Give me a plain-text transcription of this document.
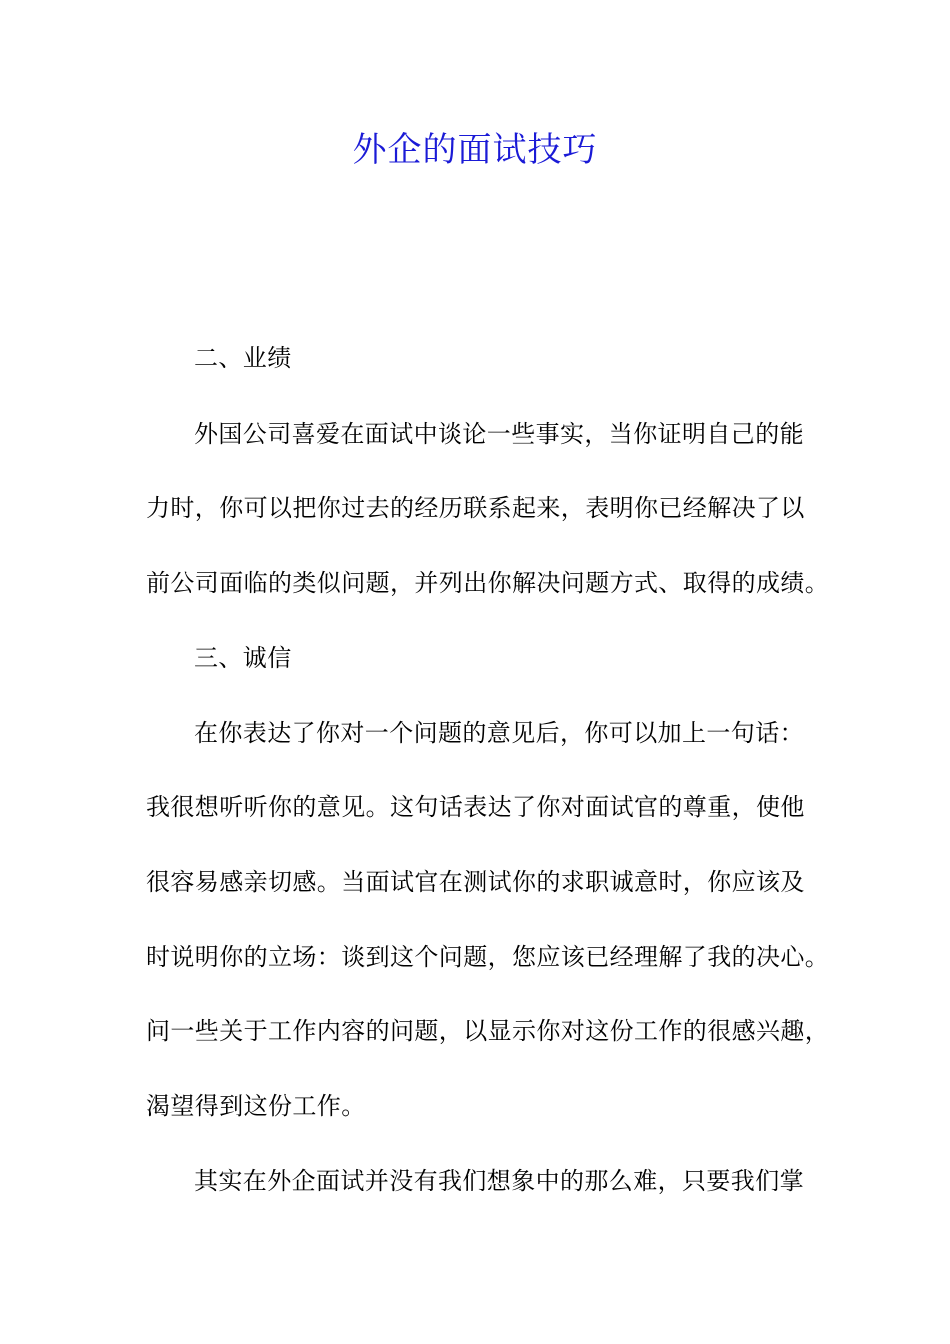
外企的面试技巧
二、业绩
外国公司喜爱在面试中谈论一些事实，当你证明自己的能
力时，你可以把你过去的经历联系起来，表明你已经解决了以
前公司面临的类似问题，并列出你解决问题方式、取得的成绩。
三、诚信
在你表达了你对一个问题的意见后，你可以加上一句话：
我很想听听你的意见。这句话表达了你对面试官的尊重，使他
很容易感亲切感。当面试官在测试你的求职诚意时，你应该及
时说明你的立场：谈到这个问题，您应该已经理解了我的决心。
问一些关于工作内容的问题，以显示你对这份工作的很感兴趣，
渴望得到这份工作。
其实在外企面试并没有我们想象中的那么难，只要我们掌
